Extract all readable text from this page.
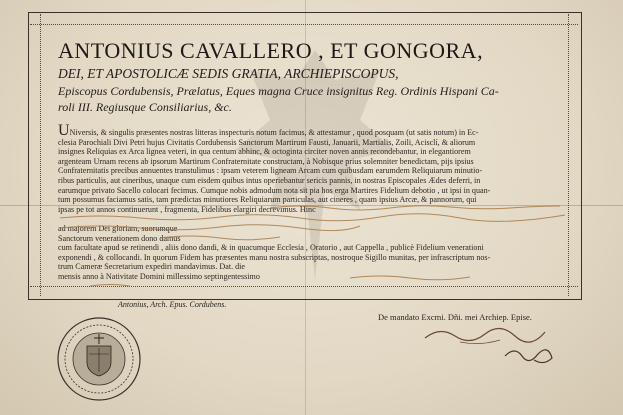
ANTONIUS CAVALLERO , ET GONGORA,
DEI, ET APOSTOLICÆ SEDIS GRATIA, ARCHIEPISCOPUS,
Episcopus Cordubensis, Prælatus, Eques magna Cruce insignitus Reg. Ordinis Hispani Ca-
roli III. Regiusque Consiliarius, &c.

UNiversis, & singulis præsentes nostras litteras inspecturis notum facimus, & attestamur , quod posquam (ut satis notum) in Ec-

clesia Parochiali Divi Petri hujus Civitatis Cordubensis Sanctorum Martirum Fausti, Januarii, Martialis, Zoili, Acisclí, & aliorum

insignes Reliquias ex Arca lignea veteri, in qua centum abhinc, & octoginta circiter noven annis recondebantur, in elegantiorem

argenteam Urnam recens ab ipsorum Martirum Confraternitate constructam, à Nobisque prius solemniter benedictam, pijs ipsius

Confraternitatis precibus annuentes transtulimus : ipsam veterem ligneam Arcam cum quibusdam earumdem Reliquiarum minutio-

ribus particulis, aut cineribus, unaque cum eisdem quibus intus operiebantur sericis pannis, in nostras Episcopales Ædes deferri, in

earumque privato Sacello colocari fecimus. Cumque nobis admodum nota sit pia hos erga Martires Fidelium debotio , ut ipsi in quan-

tum possumus faciamus satis, tam prædictas minutiores Reliquiarum particulas, aut cineres , quam ipsius Arcæ, & pannorum, qui

ipsas pe tot annos continuerunt , fragmenta, Fidelibus elargiri decrevimus. Hinc

ad majorem Dei gloriam, suorumque

Sanctorum venerationem dono damus

cum facultate apud se retinendi , aliis dono dandi, & in quacumque Ecclesia , Oratorio , aut Cappella , publicè Fidelium venerationi

exponendi , & collocandi. In quorum Fidem has præsentes manu nostra subscriptas, nostroque Sigillo munitas, per infrascriptum nos-

trum Cameræ Secretarium expediri mandavimus. Dat. die

mensis anno à Nativitate Domini millessimo septingentessimo

Antonius, Arch. Epus. Cordubens.
De mandato Excmi. Dñi. mei Archiep. Epise.
